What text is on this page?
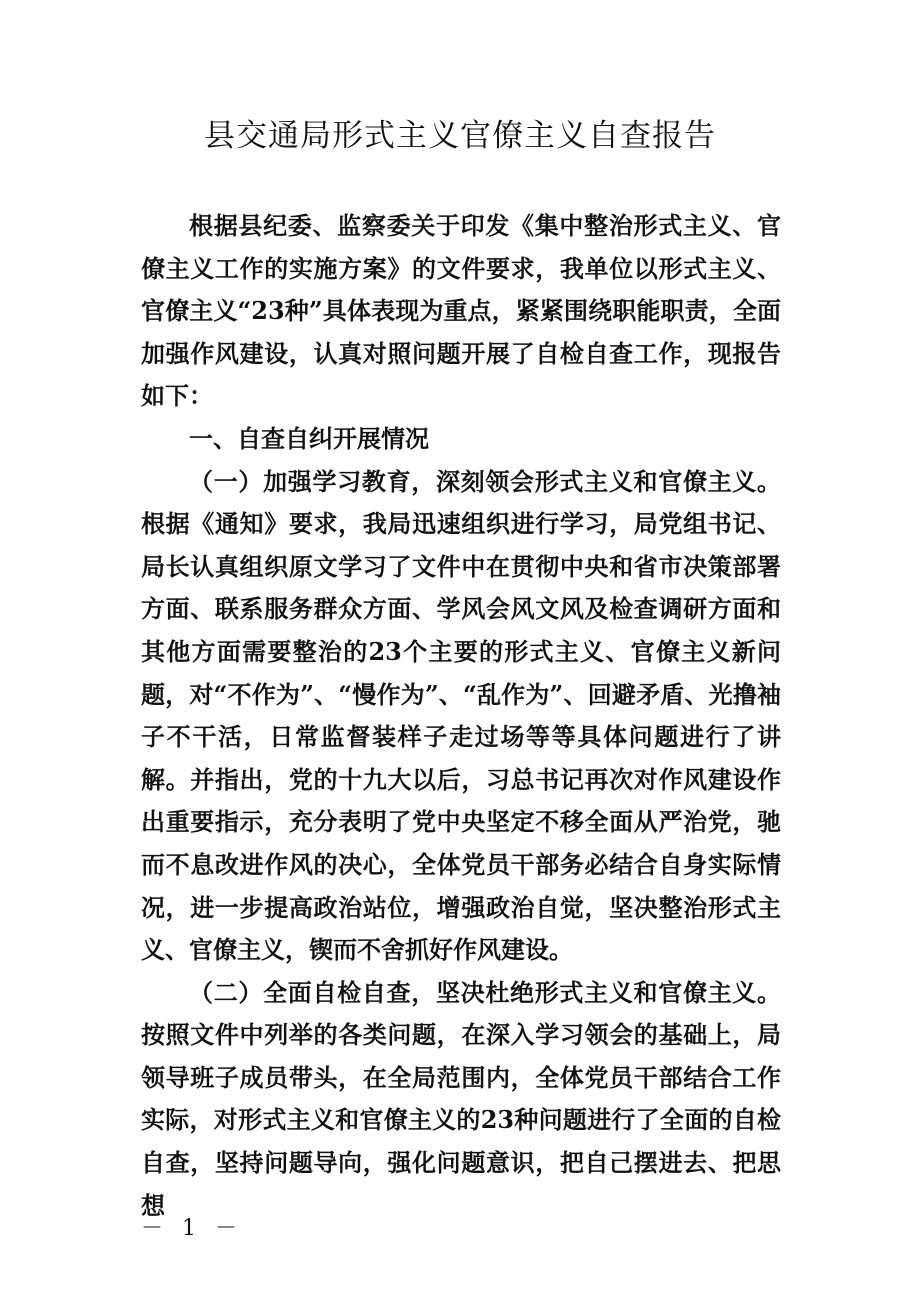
县交通局形式主义官僚主义自查报告

根据县纪委、监察委关于印发《集中整治形式主义、官僚主义工作的实施方案》的文件要求，我单位以形式主义、官僚主义“23种”具体表现为重点，紧紧围绕职能职责，全面加强作风建设，认真对照问题开展了自检自查工作，现报告如下：

一、自查自纠开展情况

（一）加强学习教育，深刻领会形式主义和官僚主义。根据《通知》要求，我局迅速组织进行学习，局党组书记、局长认真组织原文学习了文件中在贯彻中央和省市决策部署方面、联系服务群众方面、学风会风文风及检查调研方面和其他方面需要整治的23个主要的形式主义、官僚主义新问题，对“不作为”、“慢作为”、“乱作为”、回避矛盾、光撸袖子不干活，日常监督装样子走过场等等具体问题进行了讲解。并指出，党的十九大以后，习总书记再次对作风建设作出重要指示，充分表明了党中央坚定不移全面从严治党，驰而不息改进作风的决心，全体党员干部务必结合自身实际情况，进一步提高政治站位，增强政治自觉，坚决整治形式主义、官僚主义，锲而不舍抓好作风建设。

（二）全面自检自查，坚决杜绝形式主义和官僚主义。按照文件中列举的各类问题，在深入学习领会的基础上，局领导班子成员带头，在全局范围内，全体党员干部结合工作实际，对形式主义和官僚主义的23种问题进行了全面的自检自查，坚持问题导向，强化问题意识，把自己摆进去、把思想

－ 1 －
